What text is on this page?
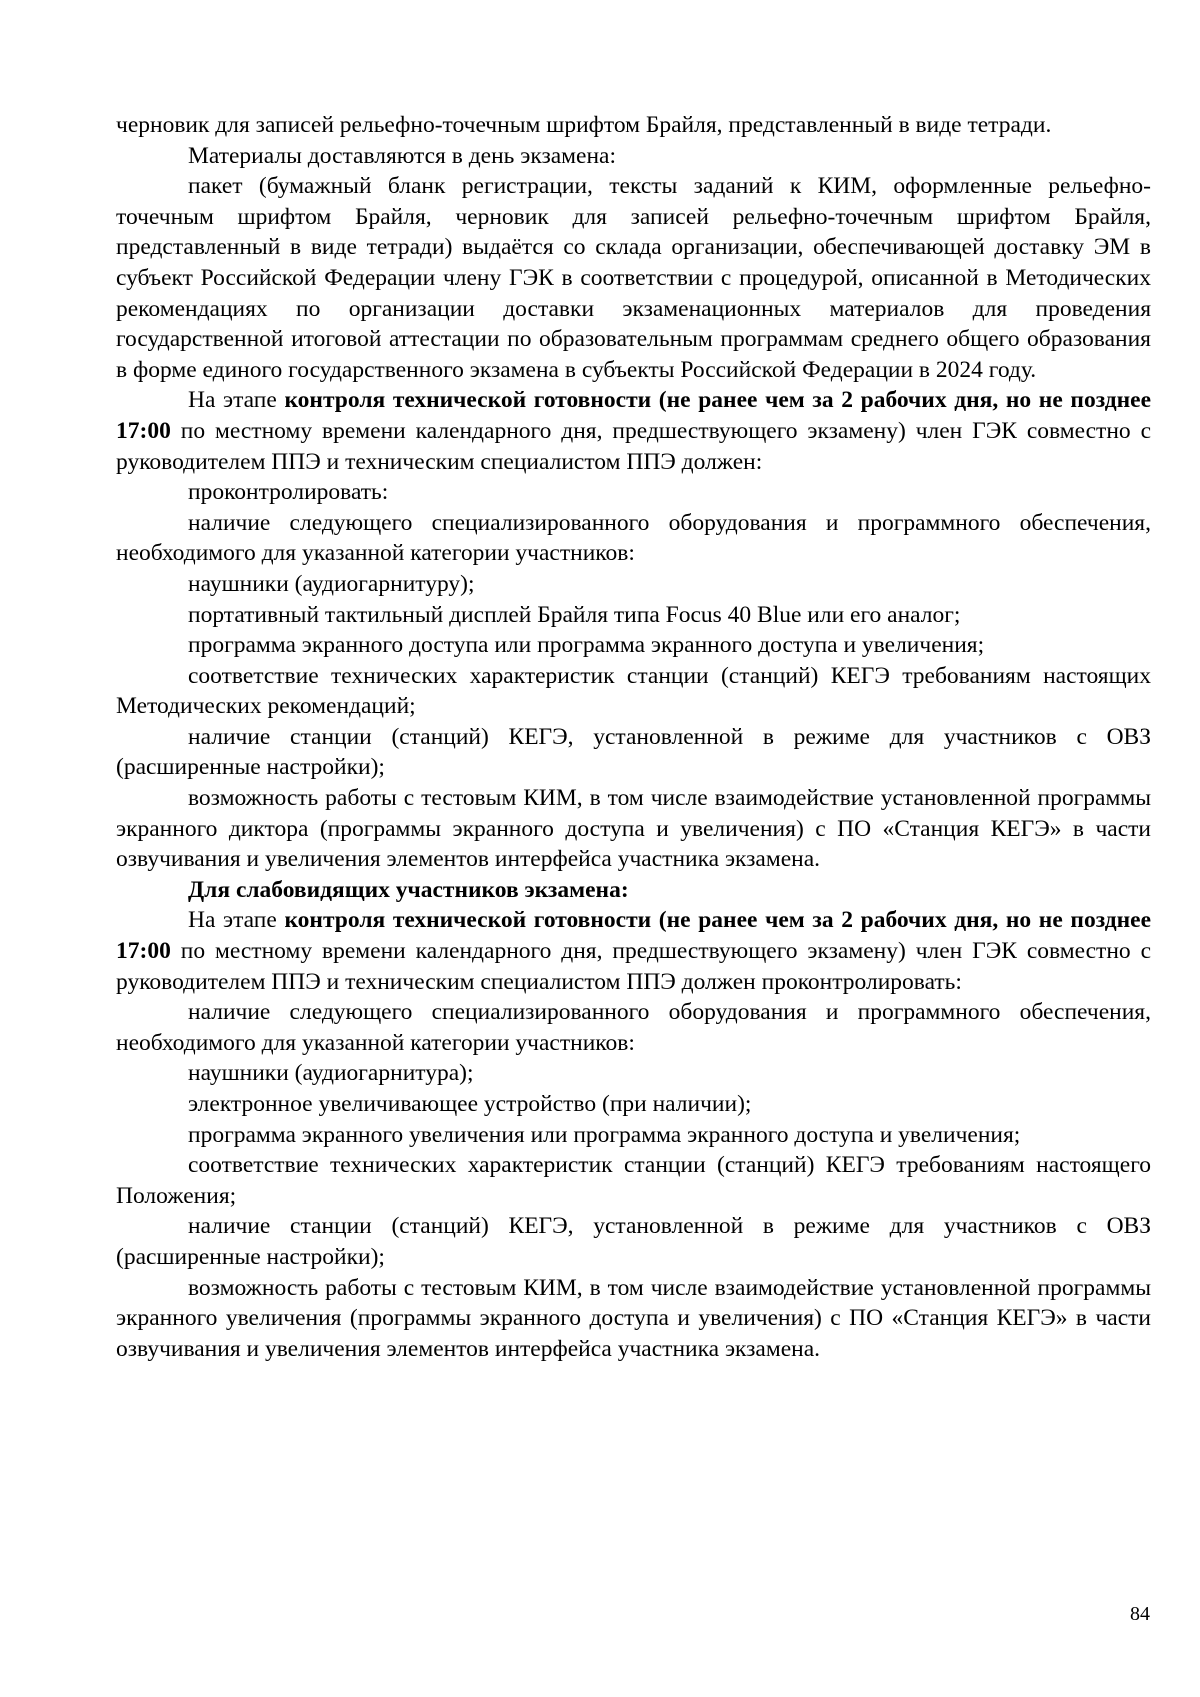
черновик для записей рельефно-точечным шрифтом Брайля, представленный в виде тетради.

Материалы доставляются в день экзамена:

пакет (бумажный бланк регистрации, тексты заданий к КИМ, оформленные рельефно-точечным шрифтом Брайля, черновик для записей рельефно-точечным шрифтом Брайля, представленный в виде тетради) выдаётся со склада организации, обеспечивающей доставку ЭМ в субъект Российской Федерации члену ГЭК в соответствии с процедурой, описанной в Методических рекомендациях по организации доставки экзаменационных материалов для проведения государственной итоговой аттестации по образовательным программам среднего общего образования в форме единого государственного экзамена в субъекты Российской Федерации в 2024 году.

На этапе контроля технической готовности (не ранее чем за 2 рабочих дня, но не позднее 17:00 по местному времени календарного дня, предшествующего экзамену) член ГЭК совместно с руководителем ППЭ и техническим специалистом ППЭ должен:

проконтролировать:

наличие следующего специализированного оборудования и программного обеспечения, необходимого для указанной категории участников:

наушники (аудиогарнитуру);

портативный тактильный дисплей Брайля типа Focus 40 Blue или его аналог;

программа экранного доступа или программа экранного доступа и увеличения;

соответствие технических характеристик станции (станций) КЕГЭ требованиям настоящих Методических рекомендаций;

наличие станции (станций) КЕГЭ, установленной в режиме для участников с ОВЗ (расширенные настройки);

возможность работы с тестовым КИМ, в том числе взаимодействие установленной программы экранного диктора (программы экранного доступа и увеличения) с ПО «Станция КЕГЭ» в части озвучивания и увеличения элементов интерфейса участника экзамена.

Для слабовидящих участников экзамена:

На этапе контроля технической готовности (не ранее чем за 2 рабочих дня, но не позднее 17:00 по местному времени календарного дня, предшествующего экзамену) член ГЭК совместно с руководителем ППЭ и техническим специалистом ППЭ должен проконтролировать:

наличие следующего специализированного оборудования и программного обеспечения, необходимого для указанной категории участников:

наушники (аудиогарнитура);

электронное увеличивающее устройство (при наличии);

программа экранного увеличения или программа экранного доступа и увеличения;

соответствие технических характеристик станции (станций) КЕГЭ требованиям настоящего Положения;

наличие станции (станций) КЕГЭ, установленной в режиме для участников с ОВЗ (расширенные настройки);

возможность работы с тестовым КИМ, в том числе взаимодействие установленной программы экранного увеличения (программы экранного доступа и увеличения) с ПО «Станция КЕГЭ» в части озвучивания и увеличения элементов интерфейса участника экзамена.

84
